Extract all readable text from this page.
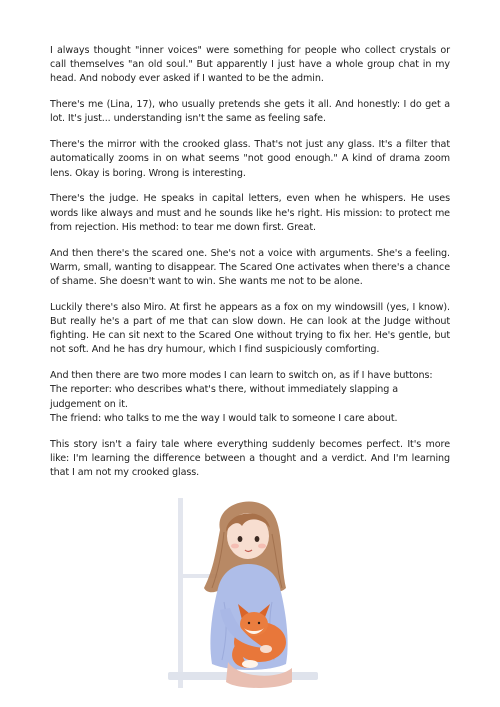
I always thought "inner voices" were something for people who collect crystals or call themselves "an old soul." But apparently I just have a whole group chat in my head. And nobody ever asked if I wanted to be the admin.

There's me (Lina, 17), who usually pretends she gets it all. And honestly: I do get a lot. It's just... understanding isn't the same as feeling safe.

There's the mirror with the crooked glass. That's not just any glass. It's a filter that automatically zooms in on what seems "not good enough." A kind of drama zoom lens. Okay is boring. Wrong is interesting.

There's the judge. He speaks in capital letters, even when he whispers. He uses words like always and must and he sounds like he's right. His mission: to protect me from rejection. His method: to tear me down first. Great.

And then there's the scared one. She's not a voice with arguments. She's a feeling. Warm, small, wanting to disappear. The Scared One activates when there's a chance of shame. She doesn't want to win. She wants me not to be alone.

Luckily there's also Miro. At first he appears as a fox on my windowsill (yes, I know). But really he's a part of me that can slow down. He can look at the Judge without fighting. He can sit next to the Scared One without trying to fix her. He's gentle, but not soft. And he has dry humour, which I find suspiciously comforting.

And then there are two more modes I can learn to switch on, as if I have buttons:
The reporter: who describes what's there, without immediately slapping a judgement on it.
The friend: who talks to me the way I would talk to someone I care about.

This story isn't a fairy tale where everything suddenly becomes perfect. It's more like: I'm learning the difference between a thought and a verdict. And I'm learning that I am not my crooked glass.
